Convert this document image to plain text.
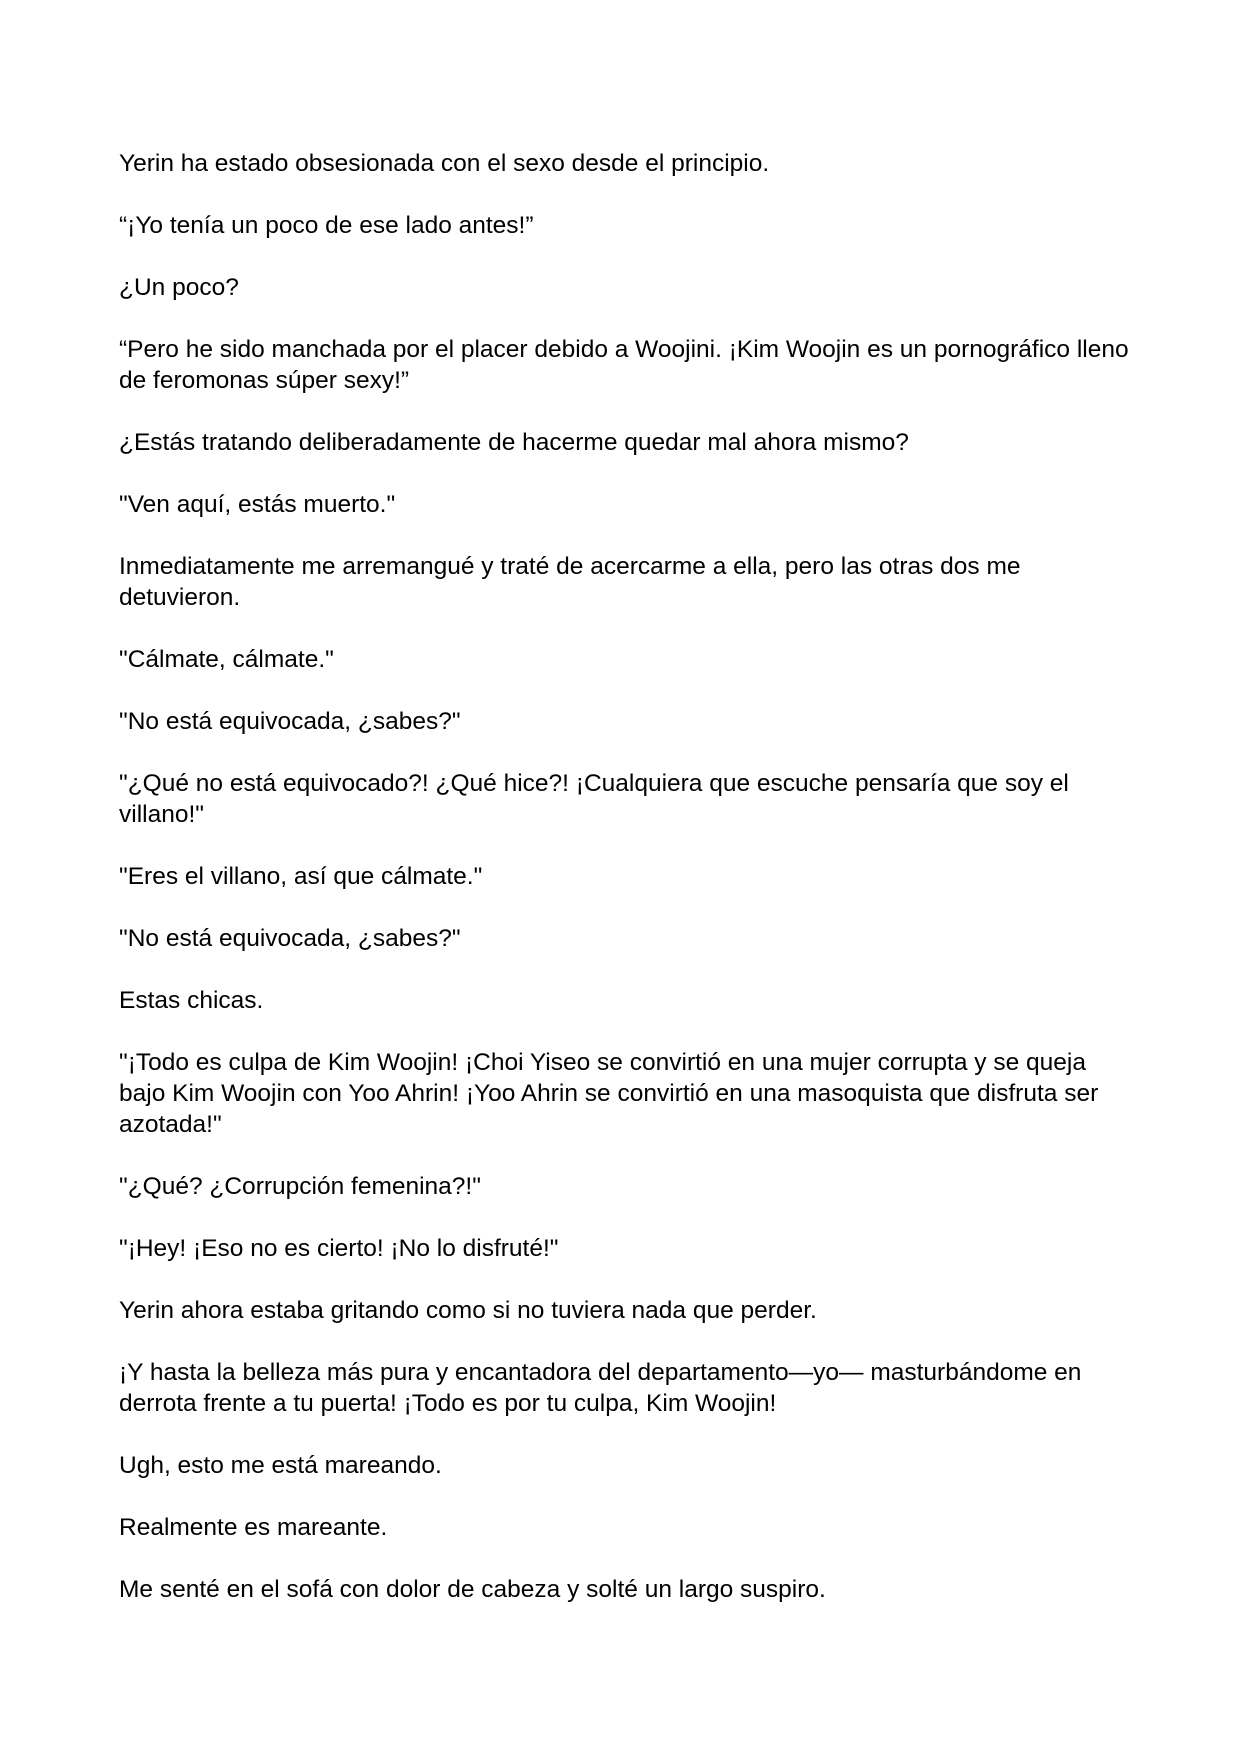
Yerin ha estado obsesionada con el sexo desde el principio.

“¡Yo tenía un poco de ese lado antes!”

¿Un poco?

“Pero he sido manchada por el placer debido a Woojini. ¡Kim Woojin es un pornográfico lleno de feromonas súper sexy!”

¿Estás tratando deliberadamente de hacerme quedar mal ahora mismo?

"Ven aquí, estás muerto."

Inmediatamente me arremangué y traté de acercarme a ella, pero las otras dos me detuvieron.

"Cálmate, cálmate."

"No está equivocada, ¿sabes?"

"¿Qué no está equivocado?! ¿Qué hice?! ¡Cualquiera que escuche pensaría que soy el villano!"

"Eres el villano, así que cálmate."

"No está equivocada, ¿sabes?"

Estas chicas.

"¡Todo es culpa de Kim Woojin! ¡Choi Yiseo se convirtió en una mujer corrupta y se queja bajo Kim Woojin con Yoo Ahrin! ¡Yoo Ahrin se convirtió en una masoquista que disfruta ser azotada!"

"¿Qué? ¿Corrupción femenina?!"

"¡Hey! ¡Eso no es cierto! ¡No lo disfruté!"

Yerin ahora estaba gritando como si no tuviera nada que perder.

¡Y hasta la belleza más pura y encantadora del departamento—yo— masturbándome en derrota frente a tu puerta! ¡Todo es por tu culpa, Kim Woojin!

Ugh, esto me está mareando.

Realmente es mareante.

Me senté en el sofá con dolor de cabeza y solté un largo suspiro.
